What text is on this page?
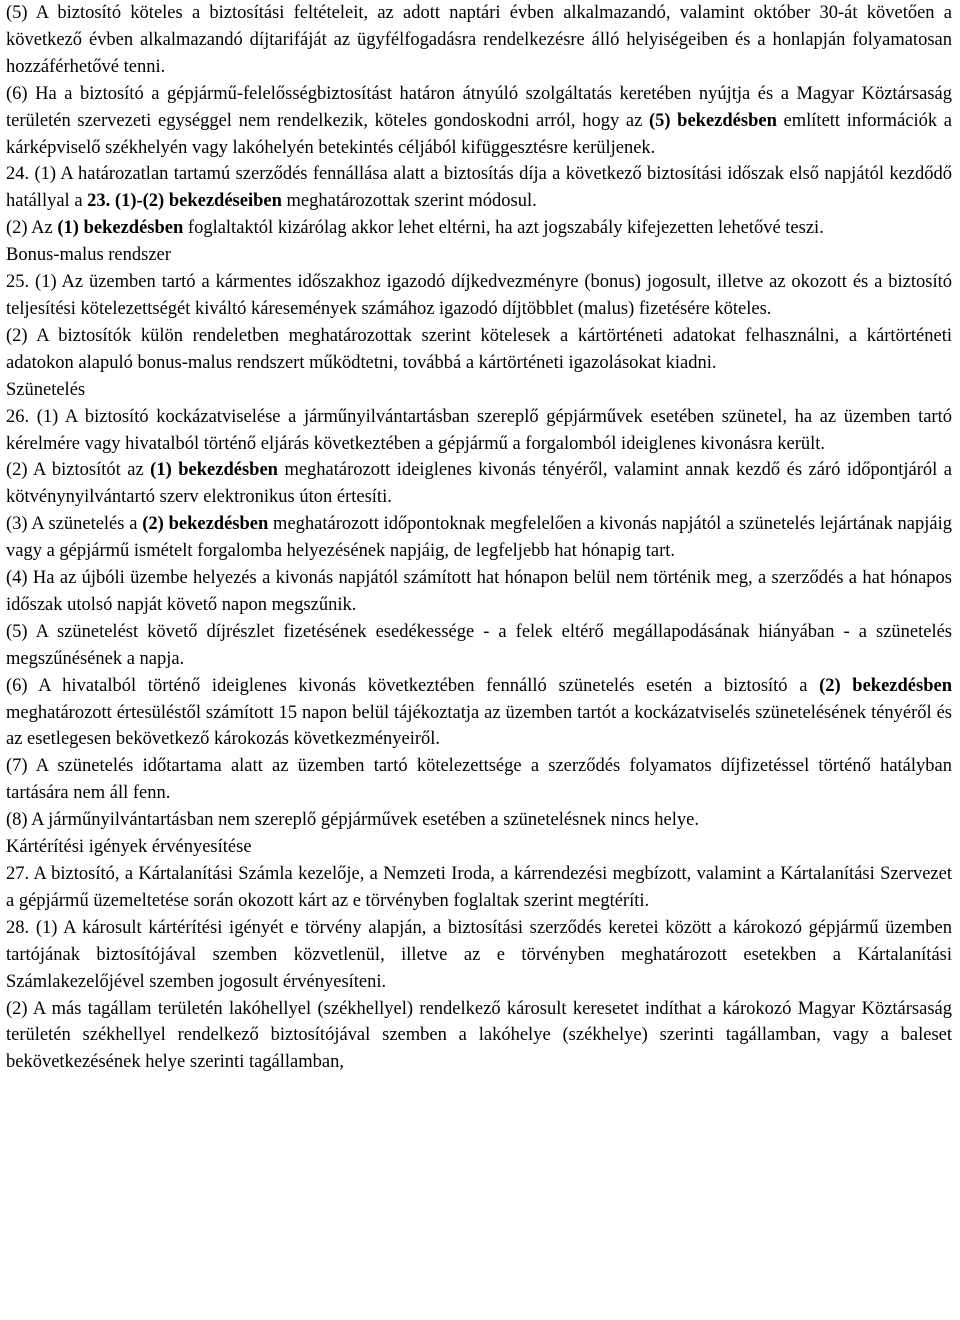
(5) A biztosító köteles a biztosítási feltételeit, az adott naptári évben alkalmazandó, valamint október 30-át követően a következő évben alkalmazandó díjtarifáját az ügyfélfogadásra rendelkezésre álló helyiségeiben és a honlapján folyamatosan hozzáférhetővé tenni.

(6) Ha a biztosító a gépjármű-felelősségbiztosítást határon átnyúló szolgáltatás keretében nyújtja és a Magyar Köztársaság területén szervezeti egységgel nem rendelkezik, köteles gondoskodni arról, hogy az (5) bekezdésben említett információk a kárképviselő székhelyén vagy lakóhelyén betekintés céljából kifüggesztésre kerüljenek.

24. (1) A határozatlan tartamú szerződés fennállása alatt a biztosítás díja a következő biztosítási időszak első napjától kezdődő hatállyal a 23. (1)-(2) bekezdéseiben meghatározottak szerint módosul.

(2) Az (1) bekezdésben foglaltaktól kizárólag akkor lehet eltérni, ha azt jogszabály kifejezetten lehetővé teszi.

Bonus-malus rendszer

25. (1) Az üzemben tartó a kármentes időszakhoz igazodó díjkedvezményre (bonus) jogosult, illetve az okozott és a biztosító teljesítési kötelezettségét kiváltó káresemények számához igazodó díjtöbblet (malus) fizetésére köteles.

(2) A biztosítók külön rendeletben meghatározottak szerint kötelesek a kártörténeti adatokat felhasználni, a kártörténeti adatokon alapuló bonus-malus rendszert működtetni, továbbá a kártörténeti igazolásokat kiadni.

Szünetelés

26. (1) A biztosító kockázatviselése a járműnyilvántartásban szereplő gépjárművek esetében szünetel, ha az üzemben tartó kérelmére vagy hivatalból történő eljárás következtében a gépjármű a forgalomból ideiglenes kivonásra került.

(2) A biztosítót az (1) bekezdésben meghatározott ideiglenes kivonás tényéről, valamint annak kezdő és záró időpontjáról a kötvénynyilvántartó szerv elektronikus úton értesíti.

(3) A szünetelés a (2) bekezdésben meghatározott időpontoknak megfelelően a kivonás napjától a szünetelés lejártának napjáig vagy a gépjármű ismételt forgalomba helyezésének napjáig, de legfeljebb hat hónapig tart.

(4) Ha az újbóli üzembe helyezés a kivonás napjától számított hat hónapon belül nem történik meg, a szerződés a hat hónapos időszak utolsó napját követő napon megszűnik.

(5) A szünetelést követő díjrészlet fizetésének esedékessége - a felek eltérő megállapodásának hiányában - a szünetelés megszűnésének a napja.

(6) A hivatalból történő ideiglenes kivonás következtében fennálló szünetelés esetén a biztosító a (2) bekezdésben meghatározott értesüléstől számított 15 napon belül tájékoztatja az üzemben tartót a kockázatviselés szünetelésének tényéről és az esetlegesen bekövetkező károkozás következményeiről.

(7) A szünetelés időtartama alatt az üzemben tartó kötelezettsége a szerződés folyamatos díjfizetéssel történő hatályban tartására nem áll fenn.

(8) A járműnyilvántartásban nem szereplő gépjárművek esetében a szünetelésnek nincs helye.

Kártérítési igények érvényesítése

27. A biztosító, a Kártalanítási Számla kezelője, a Nemzeti Iroda, a kárrendezési megbízott, valamint a Kártalanítási Szervezet a gépjármű üzemeltetése során okozott kárt az e törvényben foglaltak szerint megtéríti.

28. (1) A károsult kártérítési igényét e törvény alapján, a biztosítási szerződés keretei között a károkozó gépjármű üzemben tartójának biztosítójával szemben közvetlenül, illetve az e törvényben meghatározott esetekben a Kártalanítási Számlakezelőjével szemben jogosult érvényesíteni.

(2) A más tagállam területén lakóhellyel (székhellyel) rendelkező károsult keresetet indíthat a károkozó Magyar Köztársaság területén székhellyel rendelkező biztosítójával szemben a lakóhelye (székhelye) szerinti tagállamban, vagy a baleset bekövetkezésének helye szerinti tagállamban,
